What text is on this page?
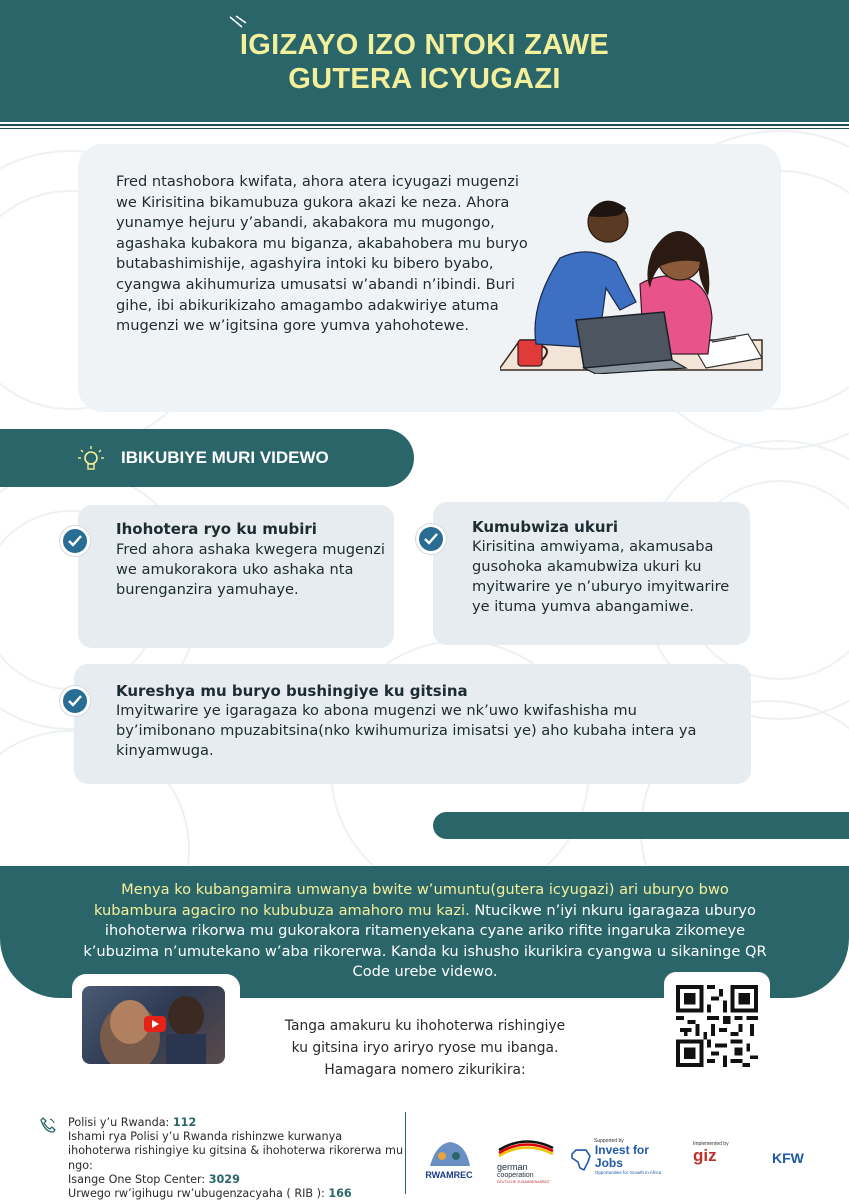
IGIZAYO IZO NTOKI ZAWE
GUTERA ICYUGAZI
Fred ntashobora kwifata, ahora atera icyugazi mugenzi we Kirisitina bikamubuza gukora akazi ke neza. Ahora yunamye hejuru y’abandi, akabakora mu mugongo, agashaka kubakora mu biganza, akabahobera mu buryo butabashimishije, agashyira intoki ku bibero byabo, cyangwa akihumuriza umusatsi w’abandi n’ibindi. Buri gihe, ibi abikurikizaho amagambo adakwiriye atuma mugenzi we w’igitsina gore yumva yahohotewe.
IBIKUBIYE MURI VIDEWO
Ihohotera ryo ku mubiri
Fred ahora ashaka kwegera mugenzi we amukorakora uko ashaka nta burenganzira yamuhaye.
Kumubwiza ukuri
Kirisitina amwiyama, akamusaba gusohoka akamubwiza ukuri ku myitwarire ye n’uburyo imyitwarire ye ituma yumva abangamiwe.
Kureshya mu buryo bushingiye ku gitsina
Imyitwarire ye igaragaza ko abona mugenzi we nk’uwo kwifashisha mu by’imibonano mpuzabitsina(nko kwihumuriza imisatsi ye) aho kubaha intera ya kinyamwuga.
Menya ko kubangamira umwanya bwite w’umuntu(gutera icyugazi) ari uburyo bwo kubambura agaciro no kububuza amahoro mu kazi. Ntucikwe n’iyi nkuru igaragaza uburyo ihohoterwa rikorwa mu gukorakora ritamenyekana cyane ariko rifite ingaruka zikomeye k’ubuzima n’umutekano w’aba rikorerwa. Kanda ku ishusho ikurikira cyangwa u sikaninge QR Code urebe videwo.
Tanga amakuru ku ihohoterwa rishingiye
ku gitsina iryo ariryo ryose mu ibanga.
Hamagara nomero zikurikira:
Polisi y’u Rwanda: 112
Ishami rya Polisi y’u Rwanda rishinzwe kurwanya ihohoterwa rishingiye ku gitsina & ihohoterwa rikorerwa mu ngo:
Isange One Stop Center: 3029
Urwego rw’igihugu rw’ubugenzacyaha ( RIB ): 166
RWAMREC
german
cooperation
DEUTSCHE ZUSAMMENARBEIT
Supported by
Invest for Jobs
Opportunities for Growth in Africa
Implemented by
giz	KFW
